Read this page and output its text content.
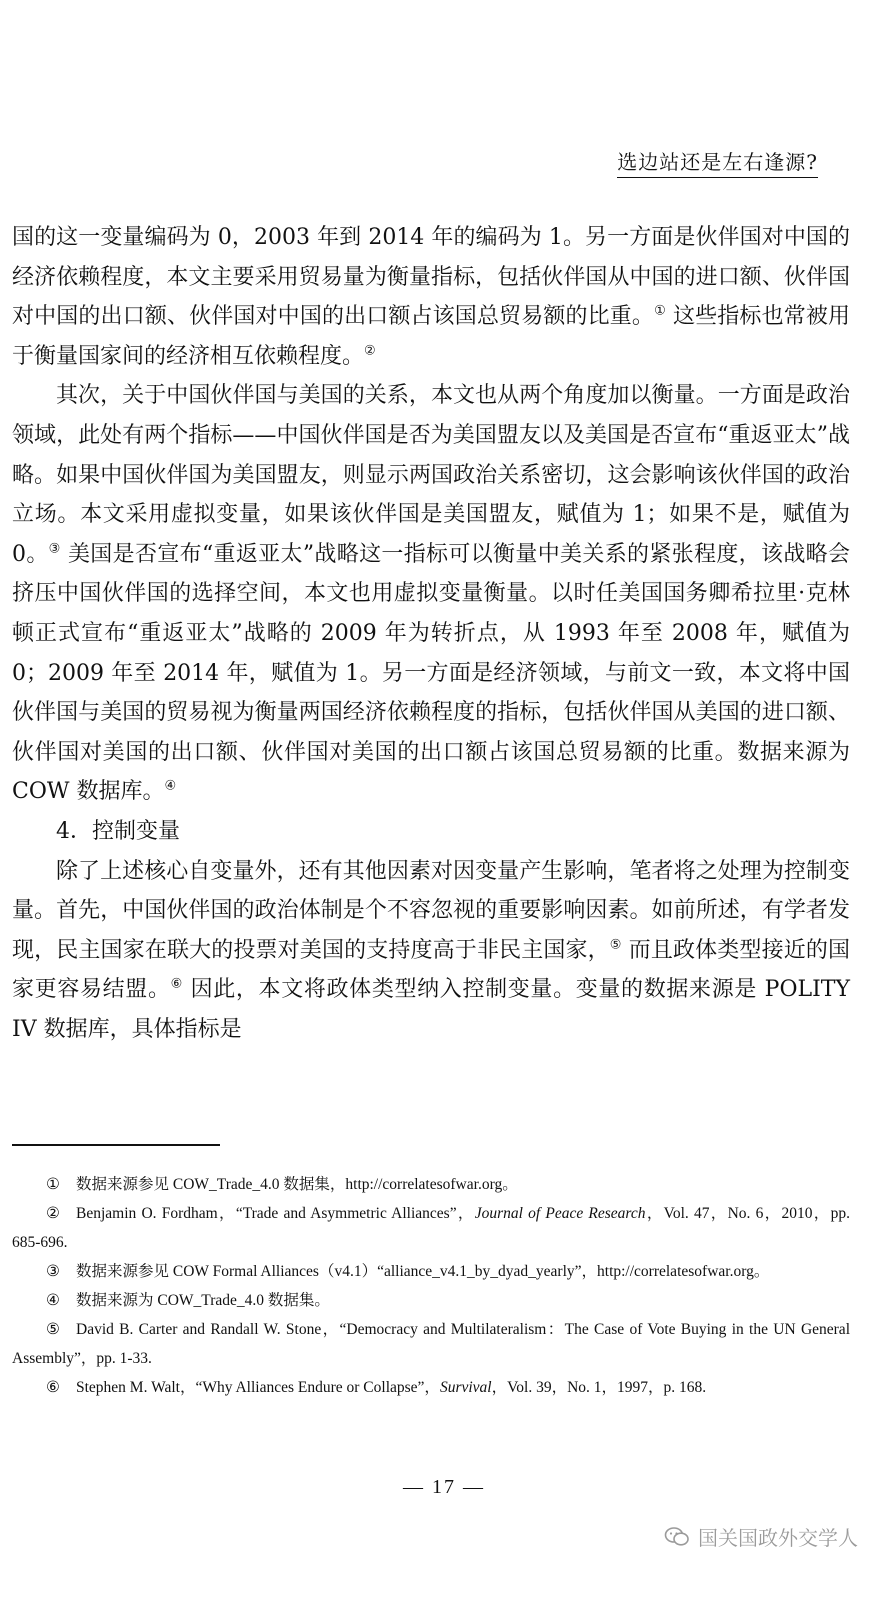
选边站还是左右逢源?

国的这一变量编码为 0，2003 年到 2014 年的编码为 1。另一方面是伙伴国对中国的经济依赖程度，本文主要采用贸易量为衡量指标，包括伙伴国从中国的进口额、伙伴国对中国的出口额、伙伴国对中国的出口额占该国总贸易额的比重。① 这些指标也常被用于衡量国家间的经济相互依赖程度。②

其次，关于中国伙伴国与美国的关系，本文也从两个角度加以衡量。一方面是政治领域，此处有两个指标——中国伙伴国是否为美国盟友以及美国是否宣布“重返亚太”战略。如果中国伙伴国为美国盟友，则显示两国政治关系密切，这会影响该伙伴国的政治立场。本文采用虚拟变量，如果该伙伴国是美国盟友，赋值为 1；如果不是，赋值为 0。③ 美国是否宣布“重返亚太”战略这一指标可以衡量中美关系的紧张程度，该战略会挤压中国伙伴国的选择空间，本文也用虚拟变量衡量。以时任美国国务卿希拉里·克林顿正式宣布“重返亚太”战略的 2009 年为转折点，从 1993 年至 2008 年，赋值为 0；2009 年至 2014 年，赋值为 1。另一方面是经济领域，与前文一致，本文将中国伙伴国与美国的贸易视为衡量两国经济依赖程度的指标，包括伙伴国从美国的进口额、伙伴国对美国的出口额、伙伴国对美国的出口额占该国总贸易额的比重。数据来源为 COW 数据库。④

4．控制变量

除了上述核心自变量外，还有其他因素对因变量产生影响，笔者将之处理为控制变量。首先，中国伙伴国的政治体制是个不容忽视的重要影响因素。如前所述，有学者发现，民主国家在联大的投票对美国的支持度高于非民主国家，⑤ 而且政体类型接近的国家更容易结盟。⑥ 因此，本文将政体类型纳入控制变量。变量的数据来源是 POLITY IV 数据库，具体指标是

① 数据来源参见 COW_Trade_4.0 数据集，http://correlatesofwar.org。

② Benjamin O. Fordham，“Trade and Asymmetric Alliances”，Journal of Peace Research，Vol. 47，No. 6，2010，pp. 685-696.

③ 数据来源参见 COW Formal Alliances（v4.1）“alliance_v4.1_by_dyad_yearly”，http://correlatesofwar.org。

④ 数据来源为 COW_Trade_4.0 数据集。

⑤ David B. Carter and Randall W. Stone，“Democracy and Multilateralism：The Case of Vote Buying in the UN General Assembly”，pp. 1-33.

⑥ Stephen M. Walt，“Why Alliances Endure or Collapse”，Survival，Vol. 39，No. 1，1997，p. 168.

— 17 —
国关国政外交学人
